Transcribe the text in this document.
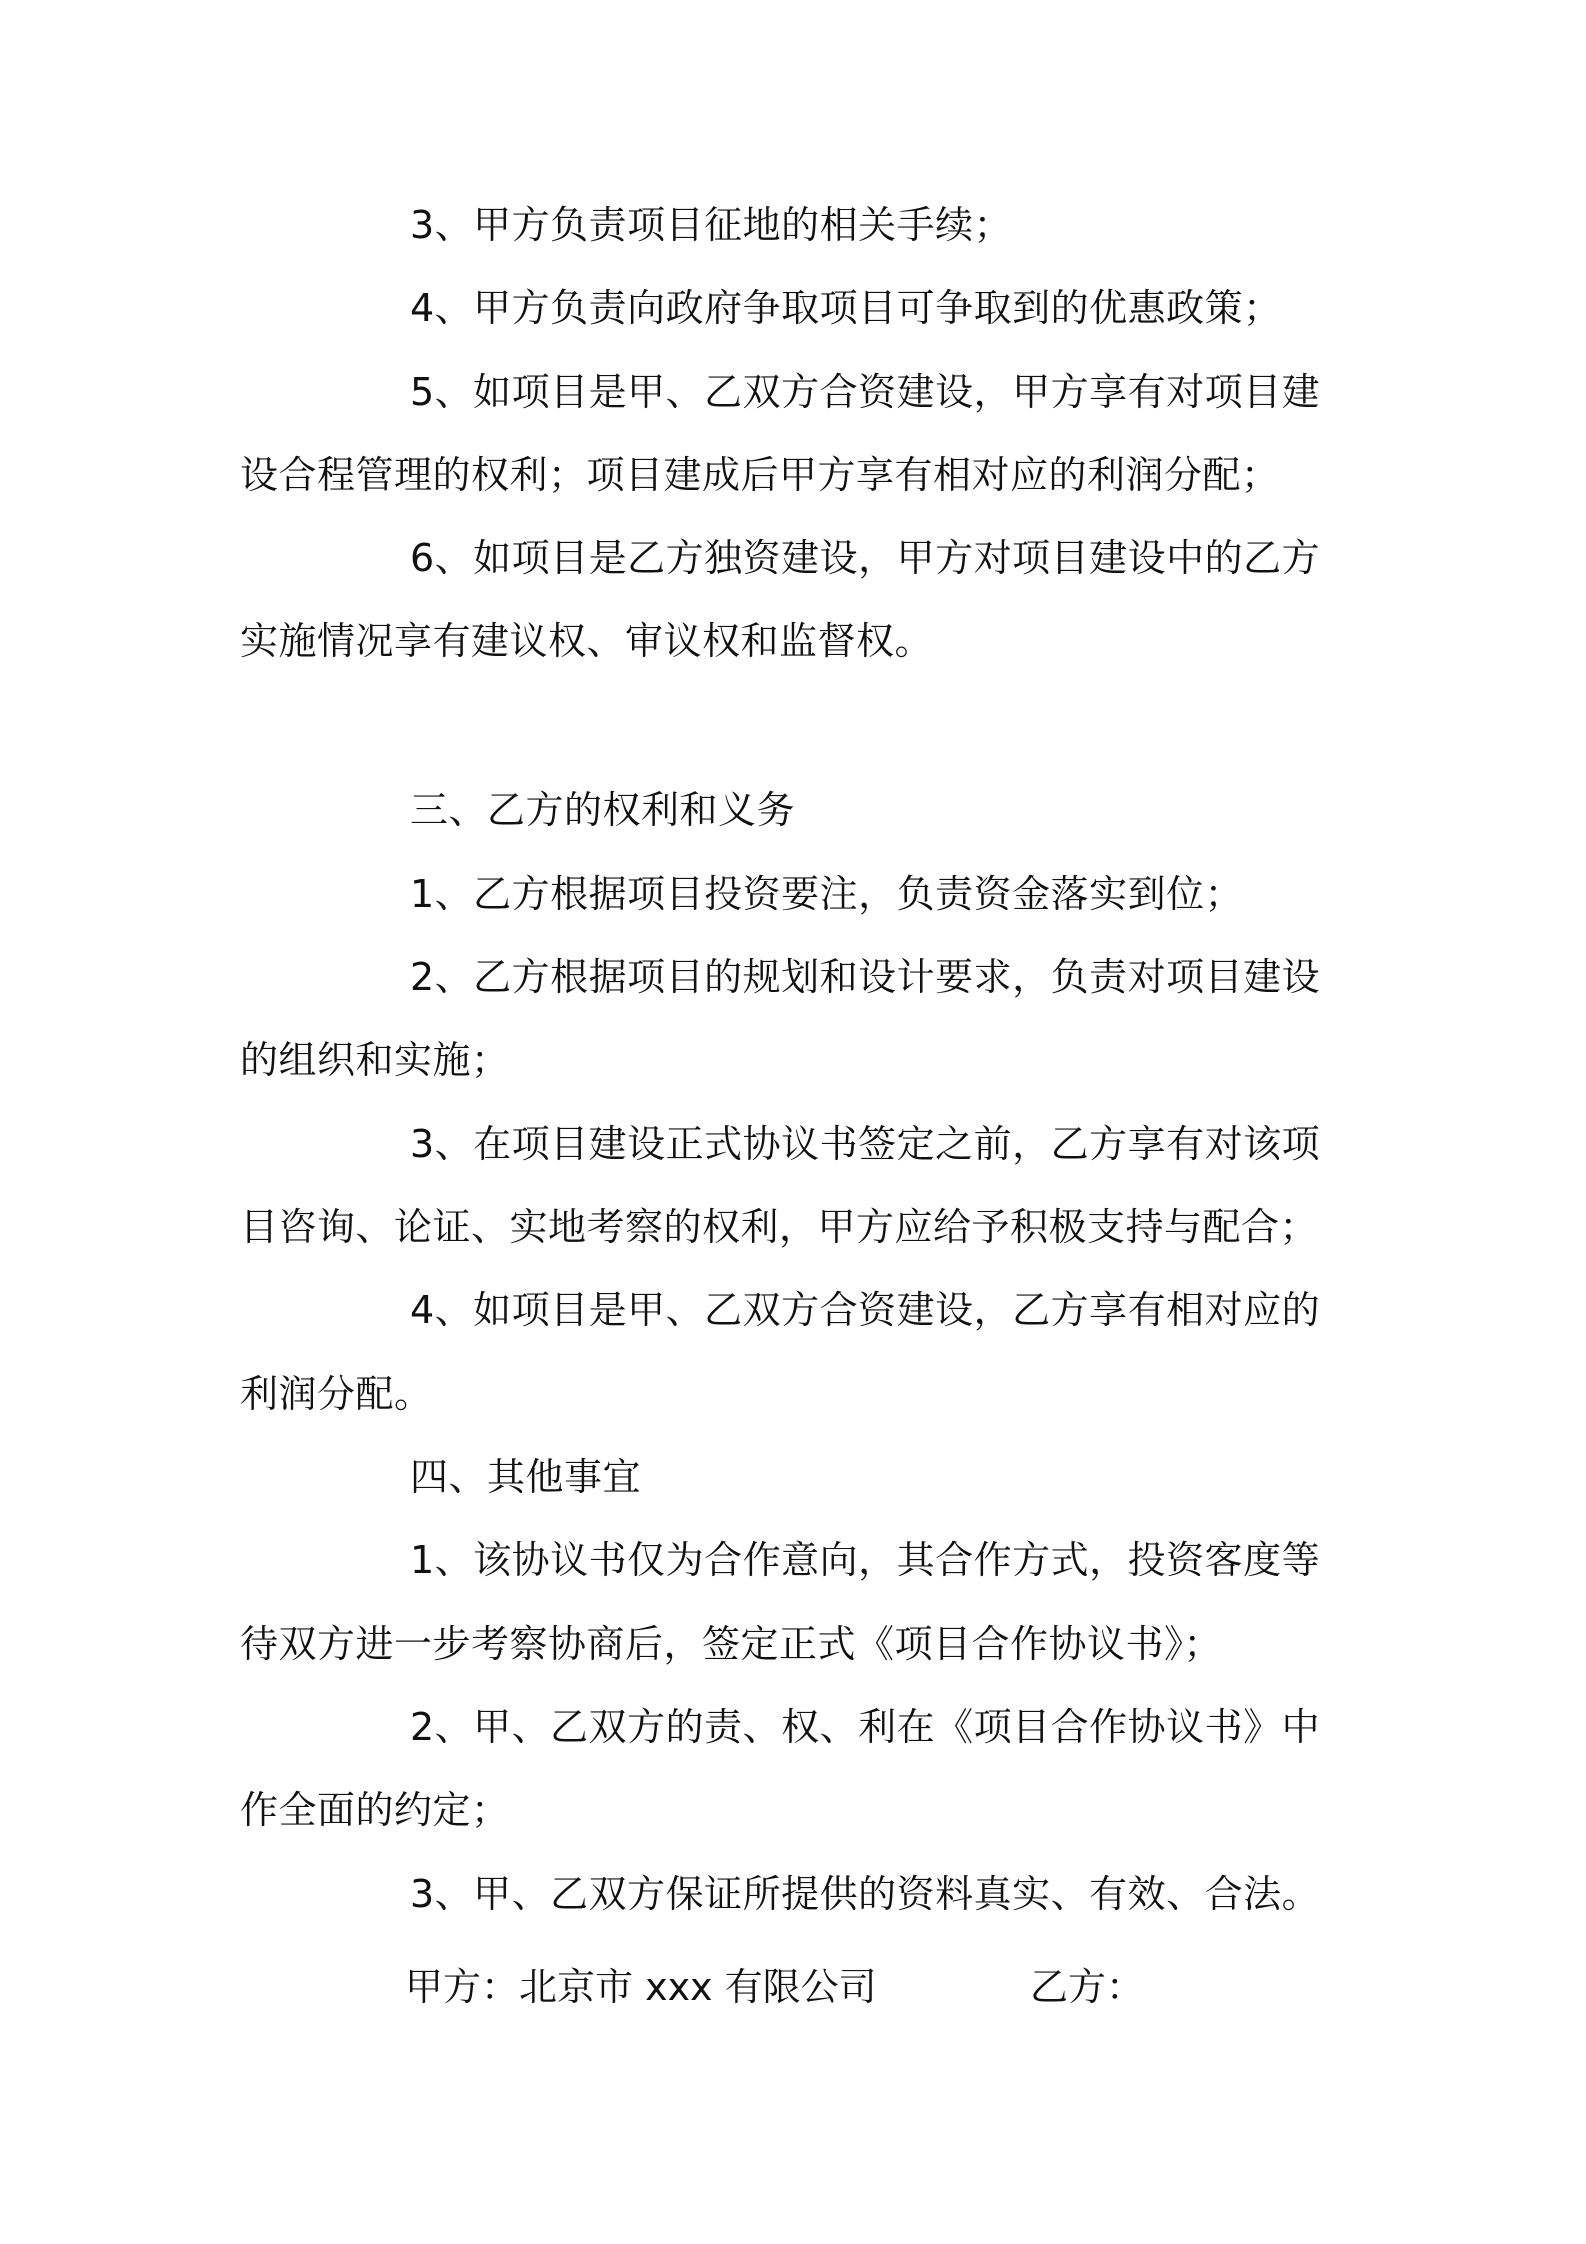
3、甲方负责项目征地的相关手续；
4、甲方负责向政府争取项目可争取到的优惠政策；
5、如项目是甲、乙双方合资建设，甲方享有对项目建
设合程管理的权利；项目建成后甲方享有相对应的利润分配；
6、如项目是乙方独资建设，甲方对项目建设中的乙方
实施情况享有建议权、审议权和监督权。
三、乙方的权利和义务
1、乙方根据项目投资要注，负责资金落实到位；
2、乙方根据项目的规划和设计要求，负责对项目建设
的组织和实施；
3、在项目建设正式协议书签定之前，乙方享有对该项
目咨询、论证、实地考察的权利，甲方应给予积极支持与配合；
4、如项目是甲、乙双方合资建设，乙方享有相对应的
利润分配。
四、其他事宜
1、该协议书仅为合作意向，其合作方式，投资客度等
待双方进一步考察协商后，签定正式《项目合作协议书》；
2、甲、乙双方的责、权、利在《项目合作协议书》中
作全面的约定；
3、甲、乙双方保证所提供的资料真实、有效、合法。
甲方：北京市 xxx 有限公司	乙方：
